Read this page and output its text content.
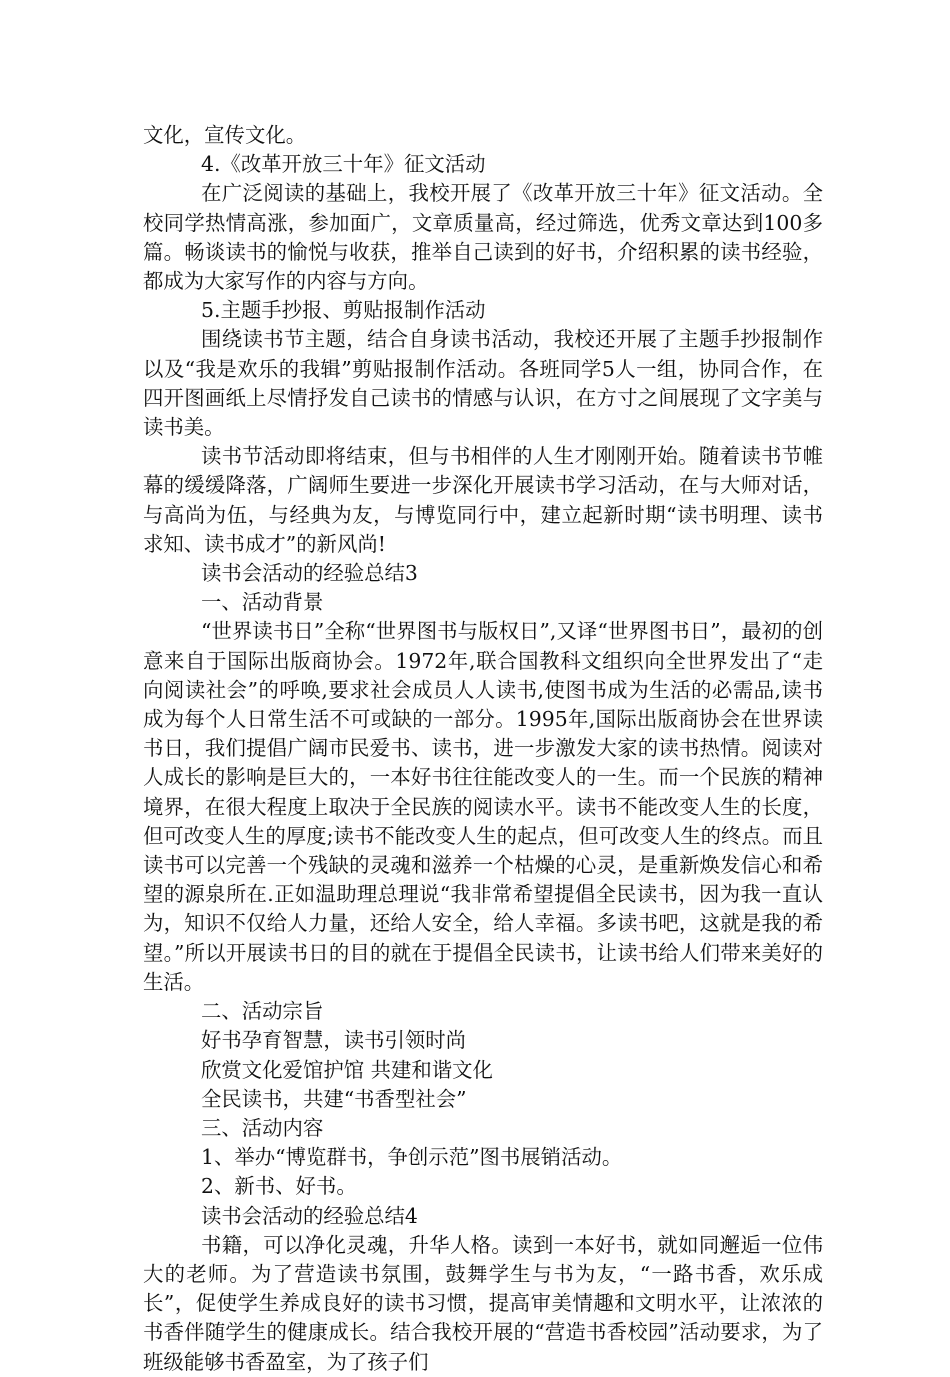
文化，宣传文化。

4.《改革开放三十年》征文活动

在广泛阅读的基础上，我校开展了《改革开放三十年》征文活动。全校同学热情高涨，参加面广，文章质量高，经过筛选，优秀文章达到100多篇。畅谈读书的愉悦与收获，推举自己读到的好书，介绍积累的读书经验，都成为大家写作的内容与方向。

5.主题手抄报、剪贴报制作活动

围绕读书节主题，结合自身读书活动，我校还开展了主题手抄报制作以及“我是欢乐的我辑”剪贴报制作活动。各班同学5人一组，协同合作，在四开图画纸上尽情抒发自己读书的情感与认识，在方寸之间展现了文字美与读书美。

读书节活动即将结束，但与书相伴的人生才刚刚开始。随着读书节帷幕的缓缓降落，广阔师生要进一步深化开展读书学习活动，在与大师对话，与高尚为伍，与经典为友，与博览同行中，建立起新时期“读书明理、读书求知、读书成才”的新风尚!

读书会活动的经验总结3

一、活动背景

“世界读书日”全称“世界图书与版权日”,又译“世界图书日”，最初的创意来自于国际出版商协会。1972年,联合国教科文组织向全世界发出了“走向阅读社会”的呼唤,要求社会成员人人读书,使图书成为生活的必需品,读书成为每个人日常生活不可或缺的一部分。1995年,国际出版商协会在世界读书日，我们提倡广阔市民爱书、读书，进一步激发大家的读书热情。阅读对人成长的影响是巨大的，一本好书往往能改变人的一生。而一个民族的精神境界，在很大程度上取决于全民族的阅读水平。读书不能改变人生的长度，但可改变人生的厚度;读书不能改变人生的起点，但可改变人生的终点。而且读书可以完善一个残缺的灵魂和滋养一个枯燥的心灵，是重新焕发信心和希望的源泉所在.正如温助理总理说“我非常希望提倡全民读书，因为我一直认为，知识不仅给人力量，还给人安全，给人幸福。多读书吧，这就是我的希望。”所以开展读书日的目的就在于提倡全民读书，让读书给人们带来美好的生活。

二、活动宗旨

好书孕育智慧，读书引领时尚

欣赏文化爱馆护馆 共建和谐文化

全民读书，共建“书香型社会”

三、活动内容

1、举办“博览群书，争创示范”图书展销活动。

2、新书、好书。

读书会活动的经验总结4

书籍，可以净化灵魂，升华人格。读到一本好书，就如同邂逅一位伟大的老师。为了营造读书氛围，鼓舞学生与书为友，“一路书香，欢乐成长”，促使学生养成良好的读书习惯，提高审美情趣和文明水平，让浓浓的书香伴随学生的健康成长。结合我校开展的“营造书香校园”活动要求，为了班级能够书香盈室，为了孩子们
